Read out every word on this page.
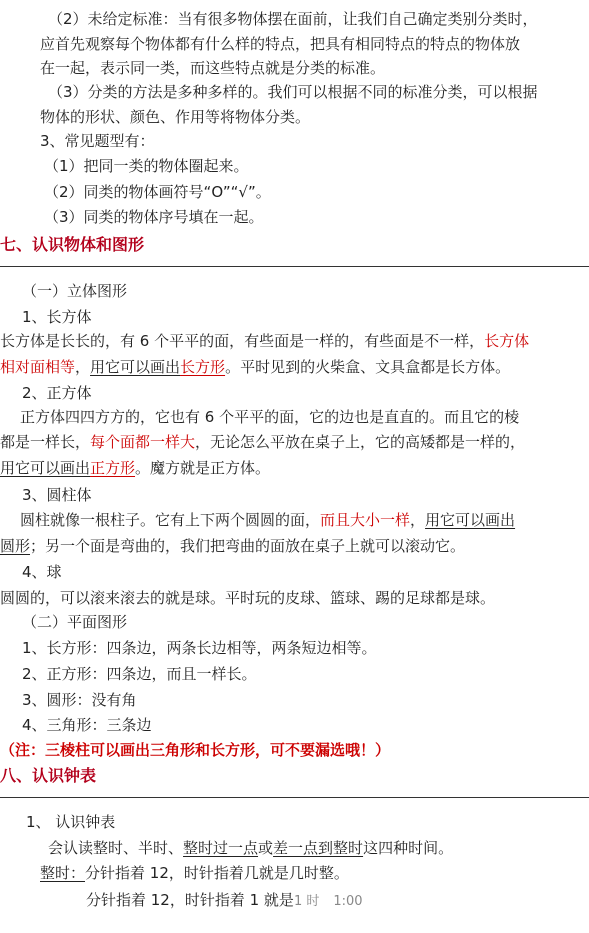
（2）未给定标准：当有很多物体摆在面前，让我们自己确定类别分类时，
应首先观察每个物体都有什么样的特点，把具有相同特点的特点的物体放
在一起，表示同一类，而这些特点就是分类的标准。
（3）分类的方法是多种多样的。我们可以根据不同的标准分类，可以根据
物体的形状、颜色、作用等将物体分类。
3、常见题型有：
（1）把同一类的物体圈起来。
（2）同类的物体画符号“O”“√”。
（3）同类的物体序号填在一起。
七、认识物体和图形
（一）立体图形
1、长方体
长方体是长长的，有 6 个平平的面，有些面是一样的，有些面是不一样，长方体
相对面相等，用它可以画出长方形。平时见到的火柴盒、文具盒都是长方体。
2、正方体
正方体四四方方的，它也有 6 个平平的面，它的边也是直直的。而且它的棱
都是一样长，每个面都一样大，无论怎么平放在桌子上，它的高矮都是一样的，
用它可以画出正方形。魔方就是正方体。
3、圆柱体
圆柱就像一根柱子。它有上下两个圆圆的面，而且大小一样，用它可以画出
圆形；另一个面是弯曲的，我们把弯曲的面放在桌子上就可以滚动它。
4、球
圆圆的，可以滚来滚去的就是球。平时玩的皮球、篮球、踢的足球都是球。
（二）平面图形
1、长方形：四条边，两条长边相等，两条短边相等。
2、正方形：四条边，而且一样长。
3、圆形：没有角
4、三角形：三条边
（注：三棱柱可以画出三角形和长方形，可不要漏选哦！）
八、认识钟表
1、 认识钟表
会认读整时、半时、整时过一点或差一点到整时这四种时间。
整时：分针指着 12，时针指着几就是几时整。
分针指着 12，时针指着 1 就是1 时 1:00
